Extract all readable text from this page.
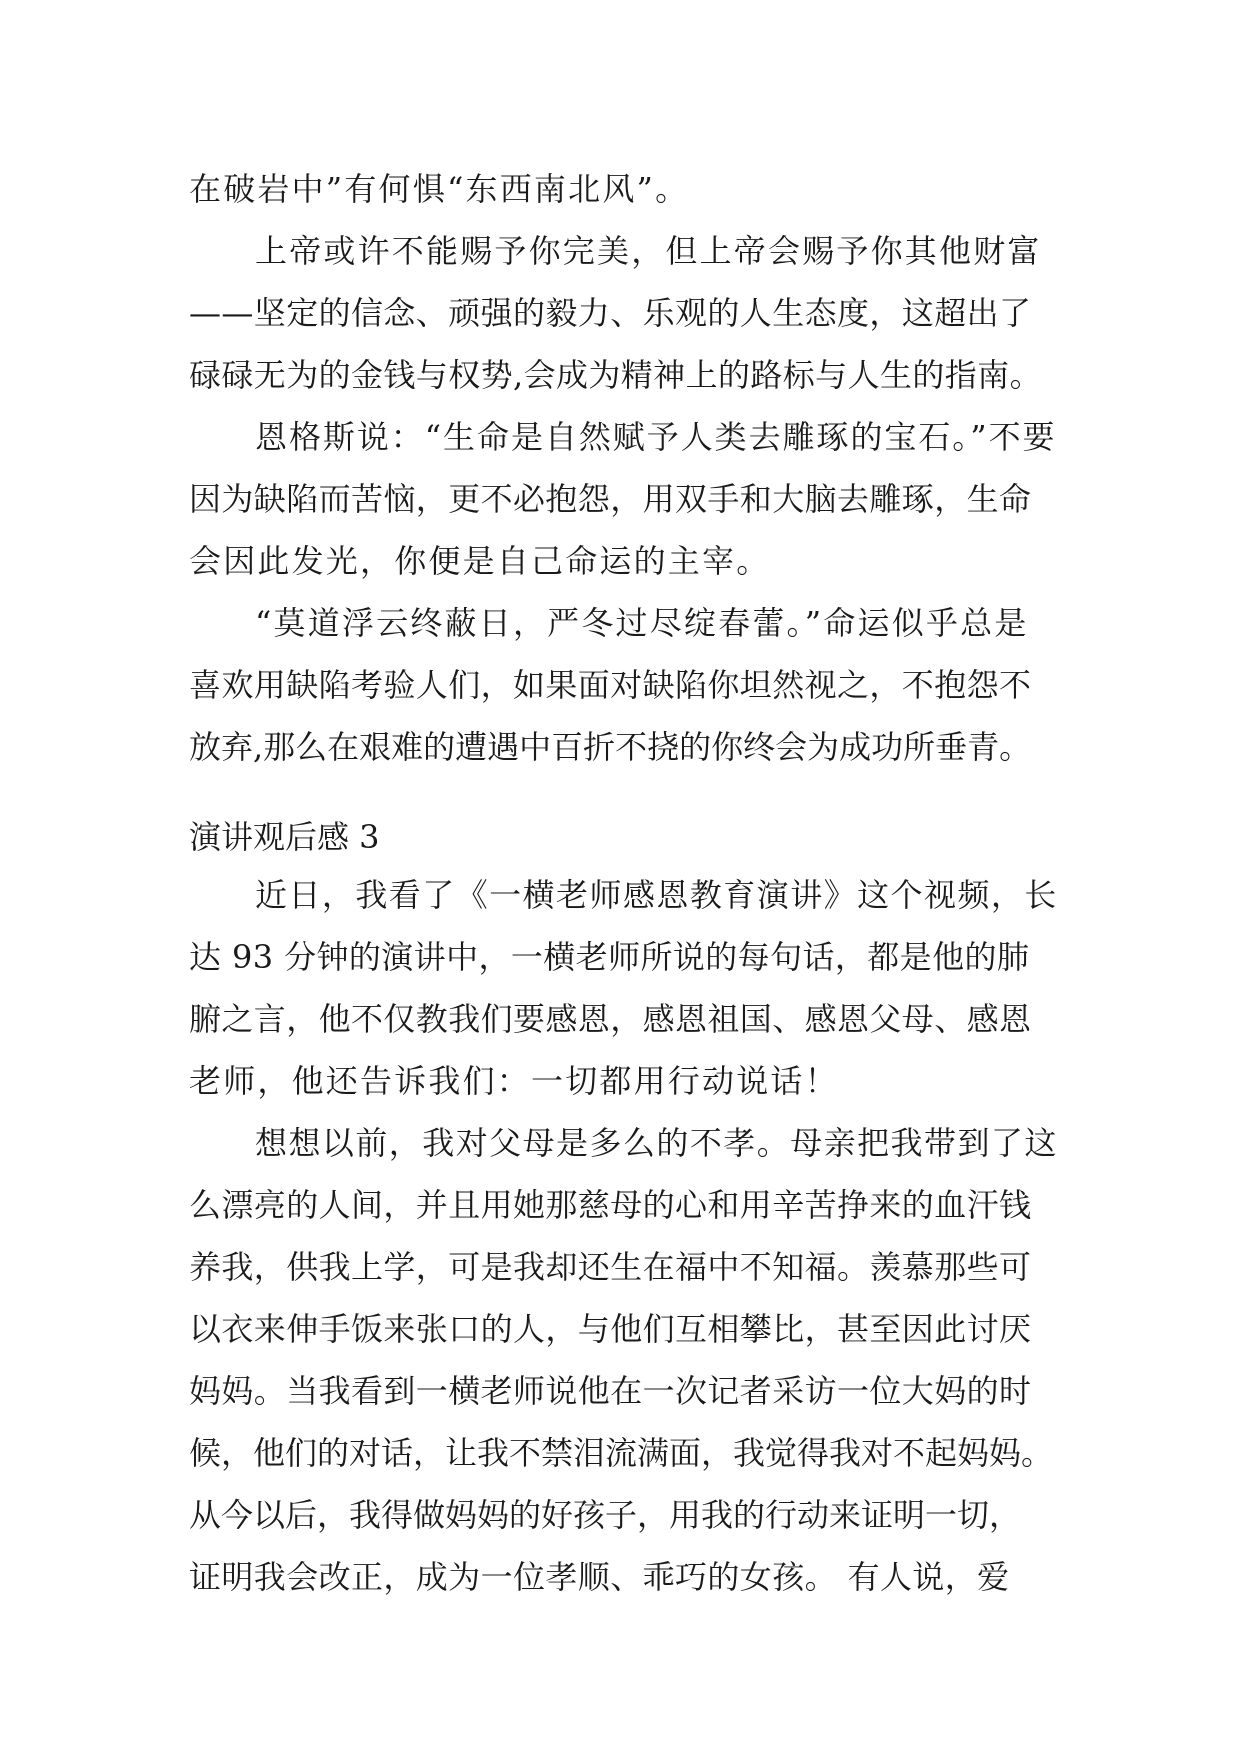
在破岩中”有何惧“东西南北风”。
上帝或许不能赐予你完美，但上帝会赐予你其他财富
——坚定的信念、顽强的毅力、乐观的人生态度，这超出了
碌碌无为的金钱与权势,会成为精神上的路标与人生的指南。
恩格斯说：“生命是自然赋予人类去雕琢的宝石。”不要
因为缺陷而苦恼，更不必抱怨，用双手和大脑去雕琢，生命
会因此发光，你便是自己命运的主宰。
“莫道浮云终蔽日，严冬过尽绽春蕾。”命运似乎总是
喜欢用缺陷考验人们，如果面对缺陷你坦然视之，不抱怨不
放弃,那么在艰难的遭遇中百折不挠的你终会为成功所垂青。
演讲观后感 3
近日，我看了《一横老师感恩教育演讲》这个视频，长
达 93 分钟的演讲中，一横老师所说的每句话，都是他的肺
腑之言，他不仅教我们要感恩，感恩祖国、感恩父母、感恩
老师，他还告诉我们：一切都用行动说话！
想想以前，我对父母是多么的不孝。母亲把我带到了这
么漂亮的人间，并且用她那慈母的心和用辛苦挣来的血汗钱
养我，供我上学，可是我却还生在福中不知福。羡慕那些可
以衣来伸手饭来张口的人，与他们互相攀比，甚至因此讨厌
妈妈。当我看到一横老师说他在一次记者采访一位大妈的时
候，他们的对话，让我不禁泪流满面，我觉得我对不起妈妈。
从今以后，我得做妈妈的好孩子，用我的行动来证明一切，
证明我会改正，成为一位孝顺、乖巧的女孩。 有人说，爱
